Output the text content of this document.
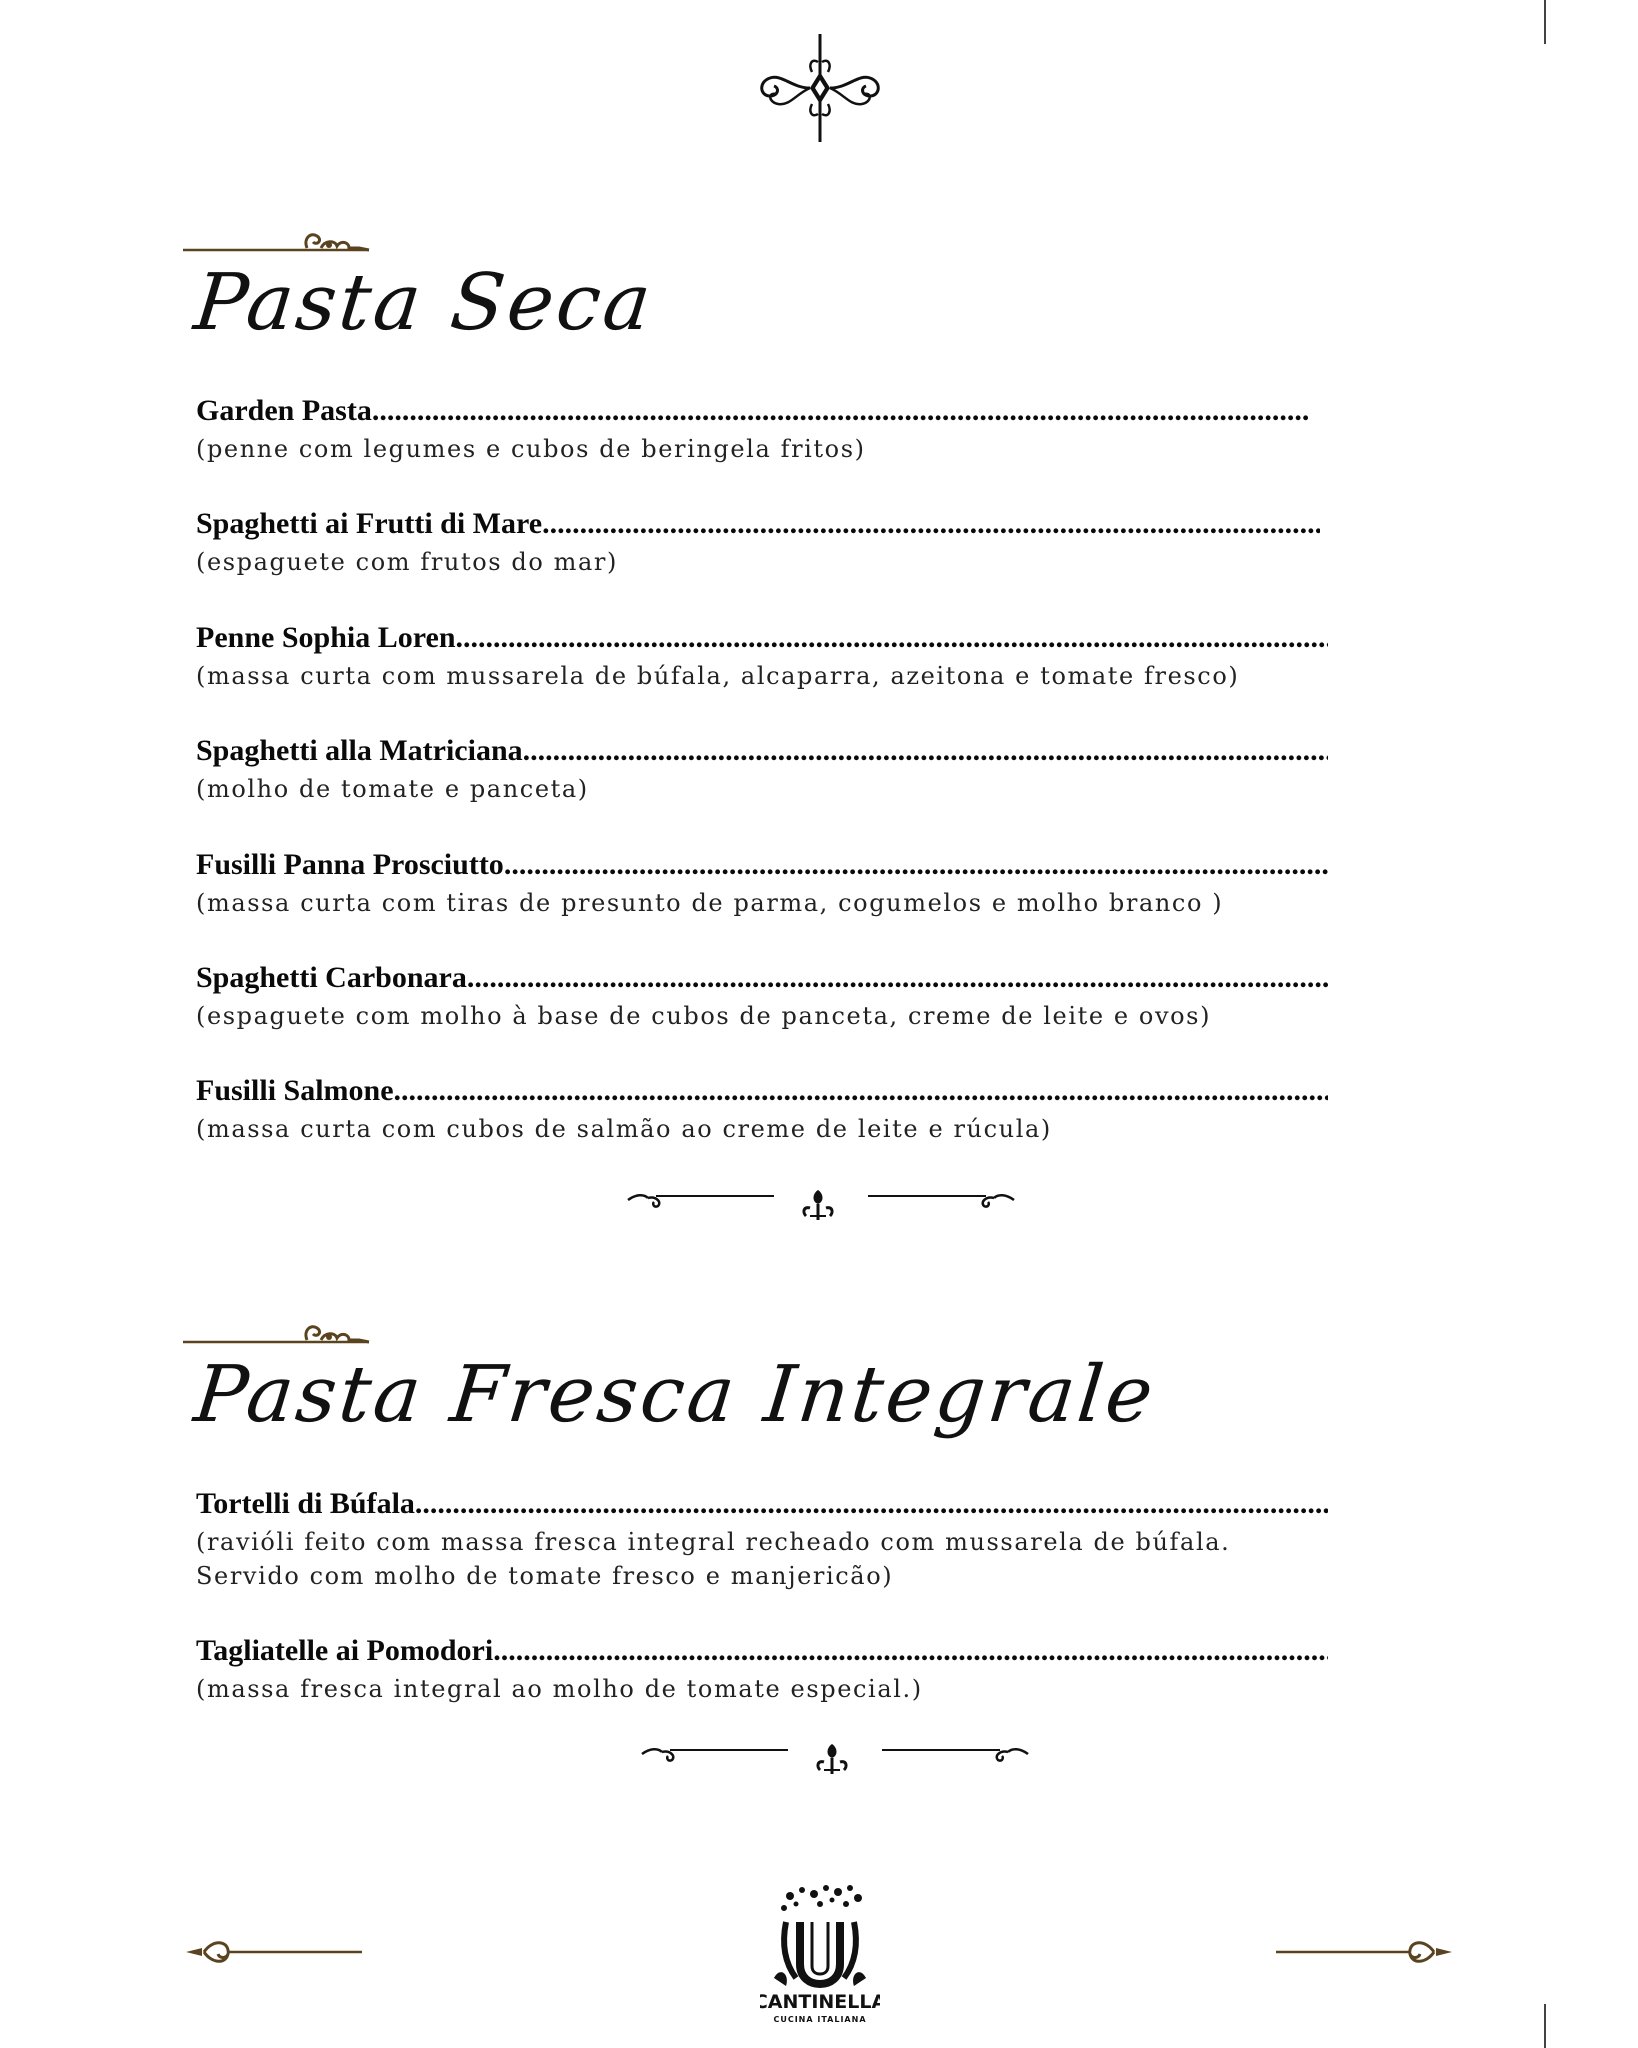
Pasta Seca
Garden Pasta
.....
(penne com legumes e cubos de beringela fritos)
Spaghetti ai Frutti di Mare
.....
(espaguete com frutos do mar)
Penne Sophia Loren
.....
(massa curta com mussarela de búfala, alcaparra, azeitona e tomate fresco)
Spaghetti alla Matriciana
.....
(molho de tomate e panceta)
Fusilli Panna Prosciutto
.....
(massa curta com tiras de presunto de parma, cogumelos e molho branco )
Spaghetti Carbonara
.....
(espaguete com molho à base de cubos de panceta, creme de leite e ovos)
Fusilli Salmone
.....
(massa curta com cubos de salmão ao creme de leite e rúcula)
Pasta Fresca Integrale
Tortelli di Búfala
.....
(ravióli feito com massa fresca integral recheado com mussarela de búfala. Servido com molho de tomate fresco e manjericão)
Tagliatelle ai Pomodori
.....
(massa fresca integral ao molho de tomate especial.)
CANTINELLA
CUCINA ITALIANA
